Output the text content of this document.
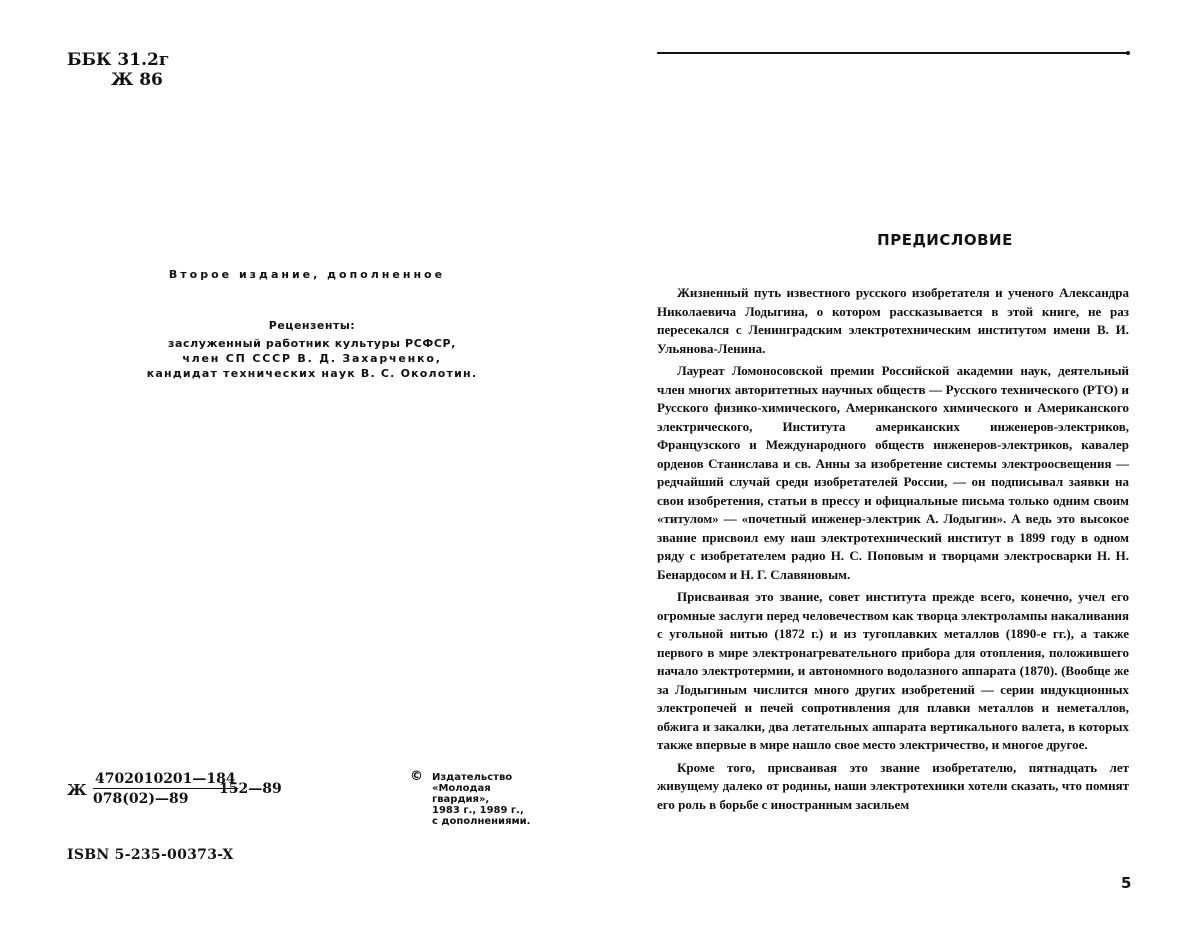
ББК 31.2г
Ж 86
Второе издание, дополненное
Рецензенты:
заслуженный работник культуры РСФСР,
член СП СССР В. Д. Захарченко,
кандидат технических наук В. С. Околотин.
Ж $\frac{4702010201—184}{078(02)—89}$
152—89
© Издательство
«Молодая
гвардия»,
1983 г., 1989 г.,
с дополнениями.
ISBN 5-235-00373-X
ПРЕДИСЛОВИЕ

Жизненный путь известного русского изобретателя и ученого Александра Николаевича Лодыгина, о котором рассказывается в этой книге, не раз пересекался с Ленинградским электротехническим институтом имени В. И. Ульянова-Ленина.

Лауреат Ломоносовской премии Российской академии наук, деятельный член многих авторитетных научных обществ — Русского технического (РТО) и Русского физико-химического, Американского химического и Американского электрического, Института американских инженеров-электриков, Французского и Международного обществ инженеров-электриков, кавалер орденов Станислава и св. Анны за изобретение системы электроосвещения — редчайший случай среди изобретателей России, — он подписывал заявки на свои изобретения, статьи в прессу и официальные письма только одним своим «титулом» — «почетный инженер-электрик А. Лодыгин». А ведь это высокое звание присвоил ему наш электротехнический институт в 1899 году в одном ряду с изобретателем радио Н. С. Поповым и творцами электросварки Н. Н. Бенардосом и Н. Г. Славяновым.

Присваивая это звание, совет института прежде всего, конечно, учел его огромные заслуги перед человечеством как творца электролампы накаливания с угольной нитью (1872 г.) и из тугоплавких металлов (1890-е гг.), а также первого в мире электронагревательного прибора для отопления, положившего начало электротермии, и автономного водолазного аппарата (1870). (Вообще же за Лодыгиным числится много других изобретений — серии индукционных электропечей и печей сопротивления для плавки металлов и неметаллов, обжига и закалки, два летательных аппарата вертикального валета, в которых также впервые в мире нашло свое место электричество, и многое другое.

Кроме того, присваивая это звание изобретателю, пятнадцать лет живущему далеко от родины, наши электротехники хотели сказать, что помнят его роль в борьбе с иностранным засильем

5
